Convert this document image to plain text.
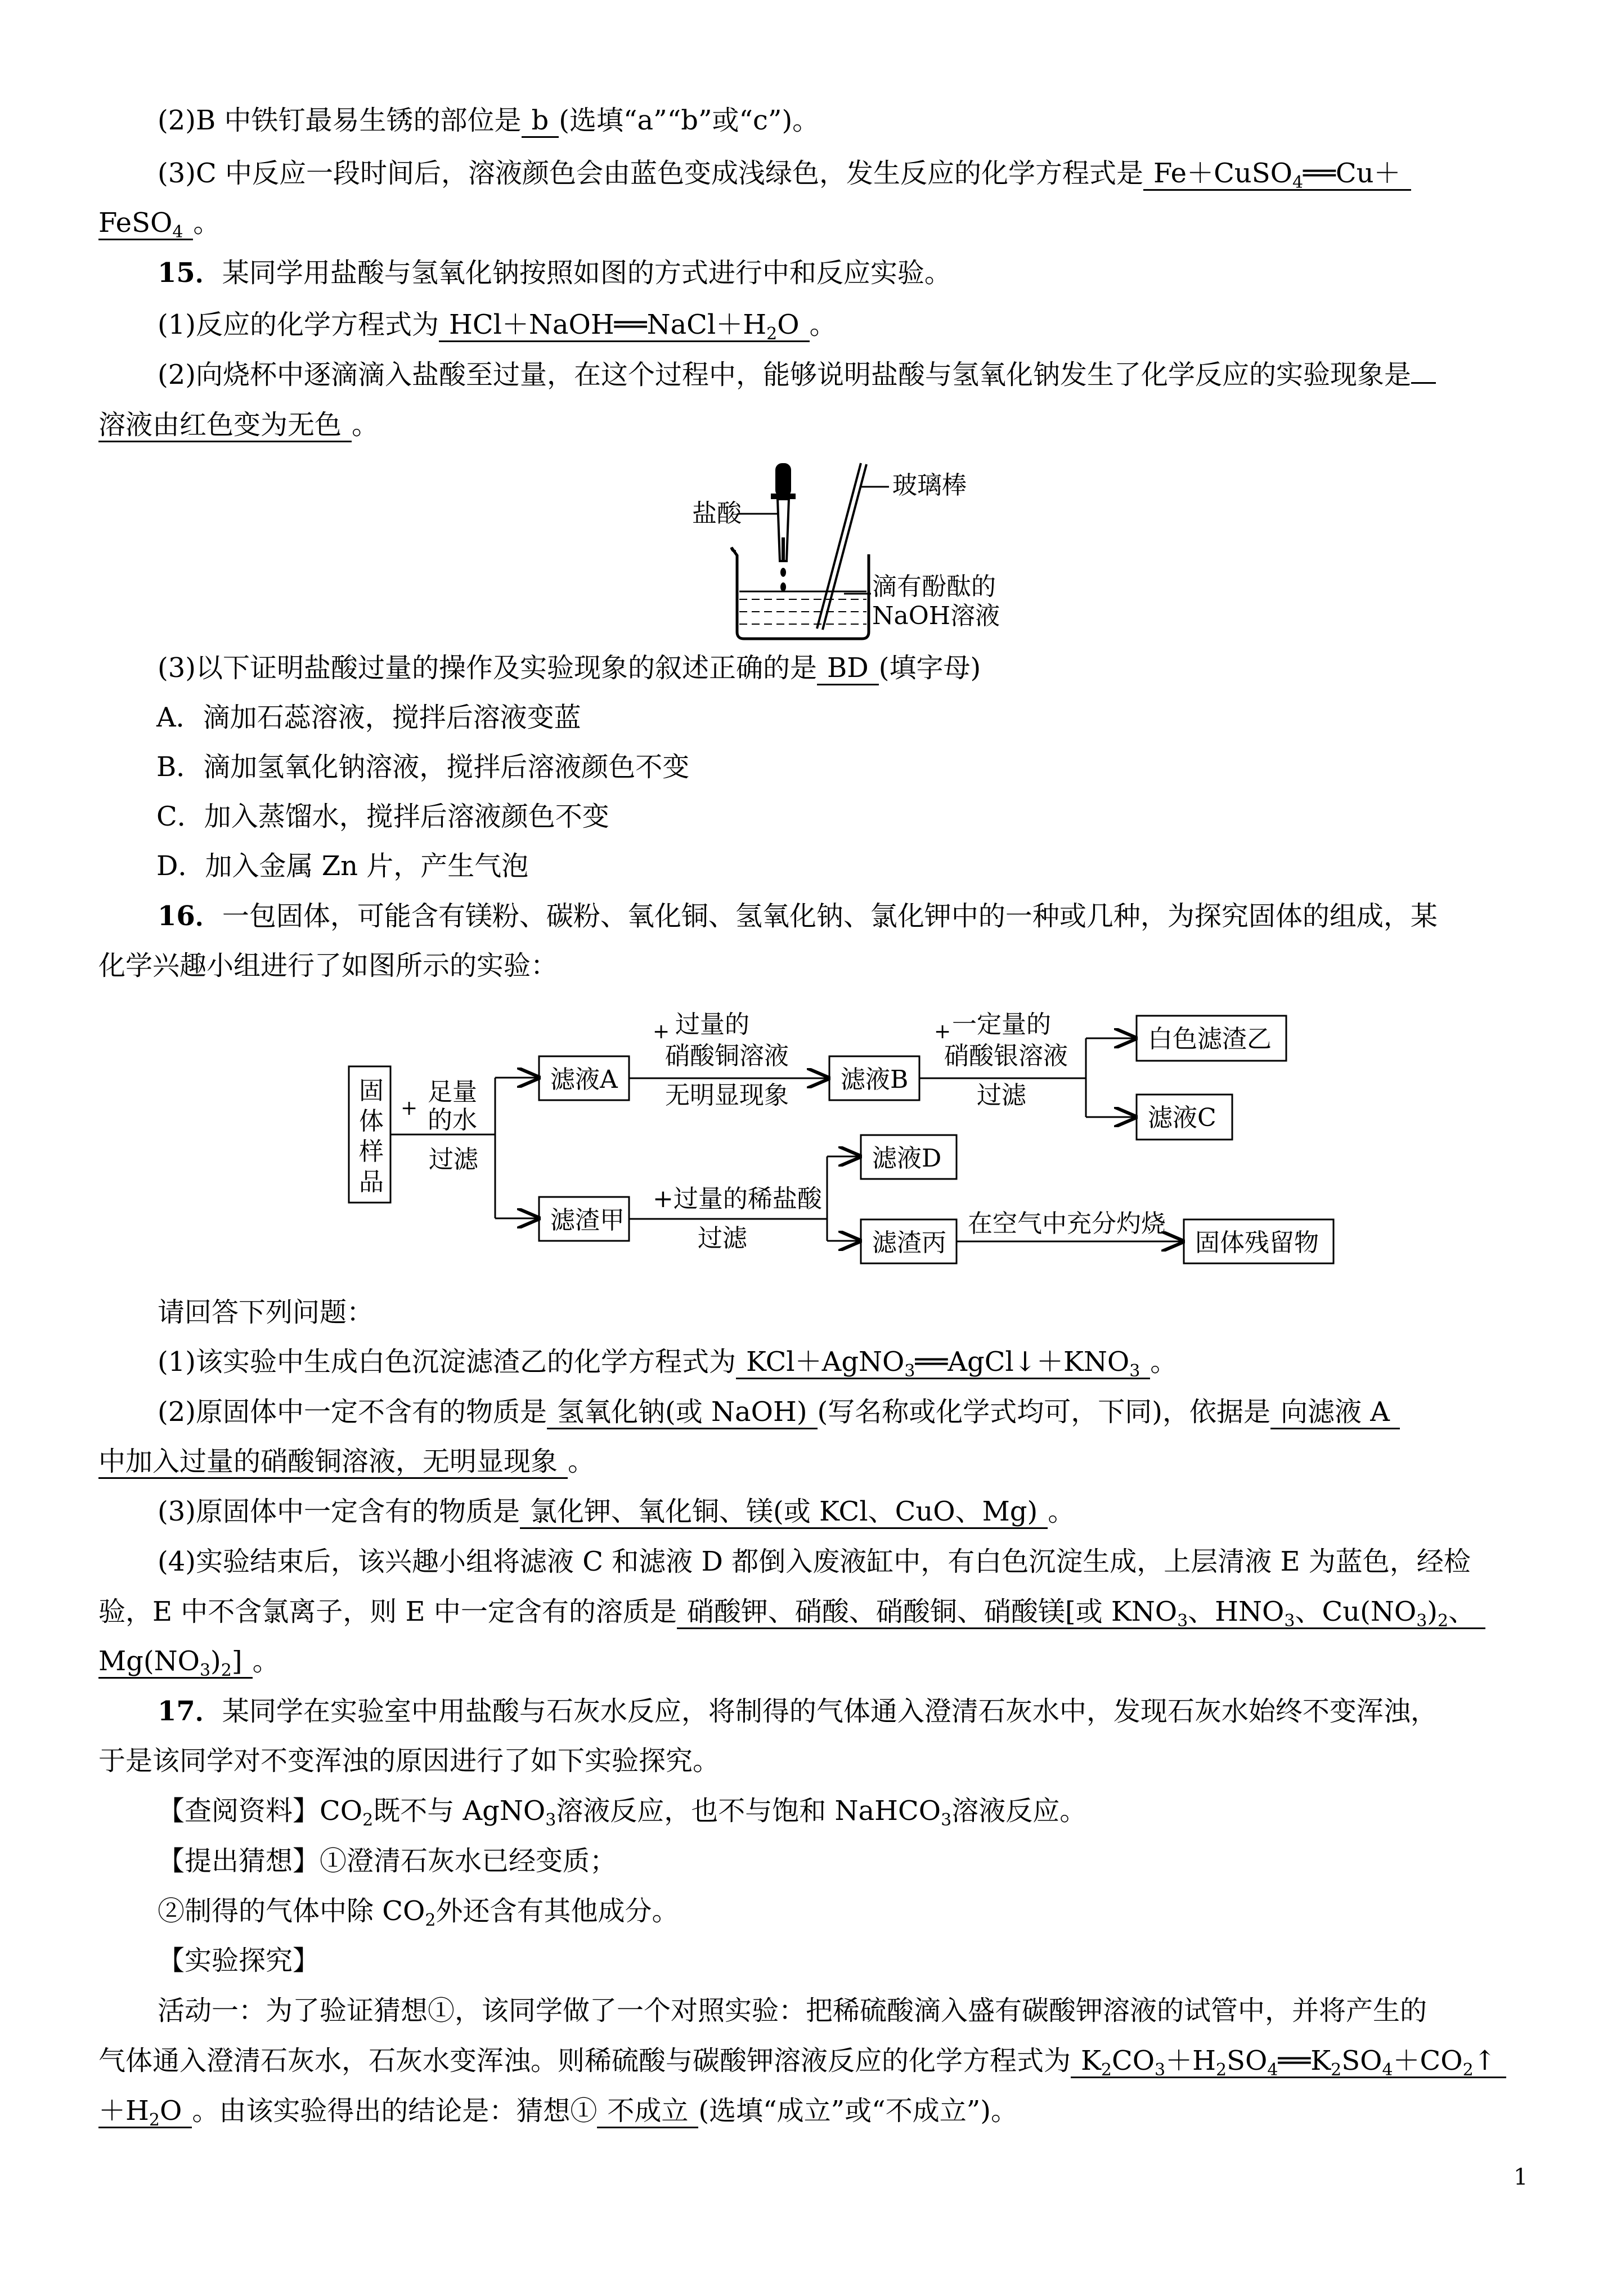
(2)B 中铁钉最易生锈的部位是 b (选填“a”“b”或“c”)。
(3)C 中反应一段时间后，溶液颜色会由蓝色变成浅绿色，发生反应的化学方程式是 Fe＋CuSO$_4$══Cu＋
FeSO$_4$ 。
15．某同学用盐酸与氢氧化钠按照如图的方式进行中和反应实验。
(1)反应的化学方程式为 $HCl+NaOH══NaCl+H_2O$ 。
(2)向烧杯中逐滴滴入盐酸至过量，在这个过程中，能够说明盐酸与氢氧化钠发生了化学反应的实验现象是
溶液由红色变为无色 。
盐酸
玻璃棒
滴有酚酞的
NaOH溶液
(3)以下证明盐酸过量的操作及实验现象的叙述正确的是 BD (填字母)
A．滴加石蕊溶液，搅拌后溶液变蓝
B．滴加氢氧化钠溶液，搅拌后溶液颜色不变
C．加入蒸馏水，搅拌后溶液颜色不变
D．加入金属 Zn 片，产生气泡
16．一包固体，可能含有镁粉、碳粉、氧化铜、氢氧化钠、氯化钾中的一种或几种，为探究固体的组成，某
化学兴趣小组进行了如图所示的实验：
固
体
样
品
+
足量
的水
过滤
滤液A
滤渣甲
+ 过量的
硝酸铜溶液
无明显现象
滤液B
+ 一定量的
硝酸银溶液
过滤
白色滤渣乙
滤液C
+过量的稀盐酸
过滤
滤液D
滤渣丙
在空气中充分灼烧
固体残留物
请回答下列问题：
(1)该实验中生成白色沉淀滤渣乙的化学方程式为 $KCl+AgNO_3══AgCl↓+KNO_3$ 。
(2)原固体中一定不含有的物质是 氢氧化钠(或 NaOH) (写名称或化学式均可，下同)，依据是 向滤液 A
中加入过量的硝酸铜溶液，无明显现象 。
(3)原固体中一定含有的物质是 氯化钾、氧化铜、镁(或 KCl、CuO、Mg) 。
(4)实验结束后，该兴趣小组将滤液 C 和滤液 D 都倒入废液缸中，有白色沉淀生成，上层清液 E 为蓝色，经检
验，E 中不含氯离子，则 E 中一定含有的溶质是 硝酸钾、硝酸、硝酸铜、硝酸镁[或 $KNO_3$、$HNO_3$、$Cu(NO_3)_2$、
$Mg(NO_3)_2$] 。
17．某同学在实验室中用盐酸与石灰水反应，将制得的气体通入澄清石灰水中，发现石灰水始终不变浑浊，
于是该同学对不变浑浊的原因进行了如下实验探究。
【查阅资料】$CO_2$既不与 AgNO$_3$溶液反应，也不与饱和 NaHCO$_3$溶液反应。
【提出猜想】①澄清石灰水已经变质；
②制得的气体中除 $CO_2$外还含有其他成分。
【实验探究】
活动一：为了验证猜想①，该同学做了一个对照实验：把稀硫酸滴入盛有碳酸钾溶液的试管中，并将产生的
气体通入澄清石灰水，石灰水变浑浊。则稀硫酸与碳酸钾溶液反应的化学方程式为 $K_2CO_3+H_2SO_4══K_2SO_4+CO_2↑$
$+H_2O$ 。由该实验得出的结论是：猜想① 不成立 (选填“成立”或“不成立”)。
1
